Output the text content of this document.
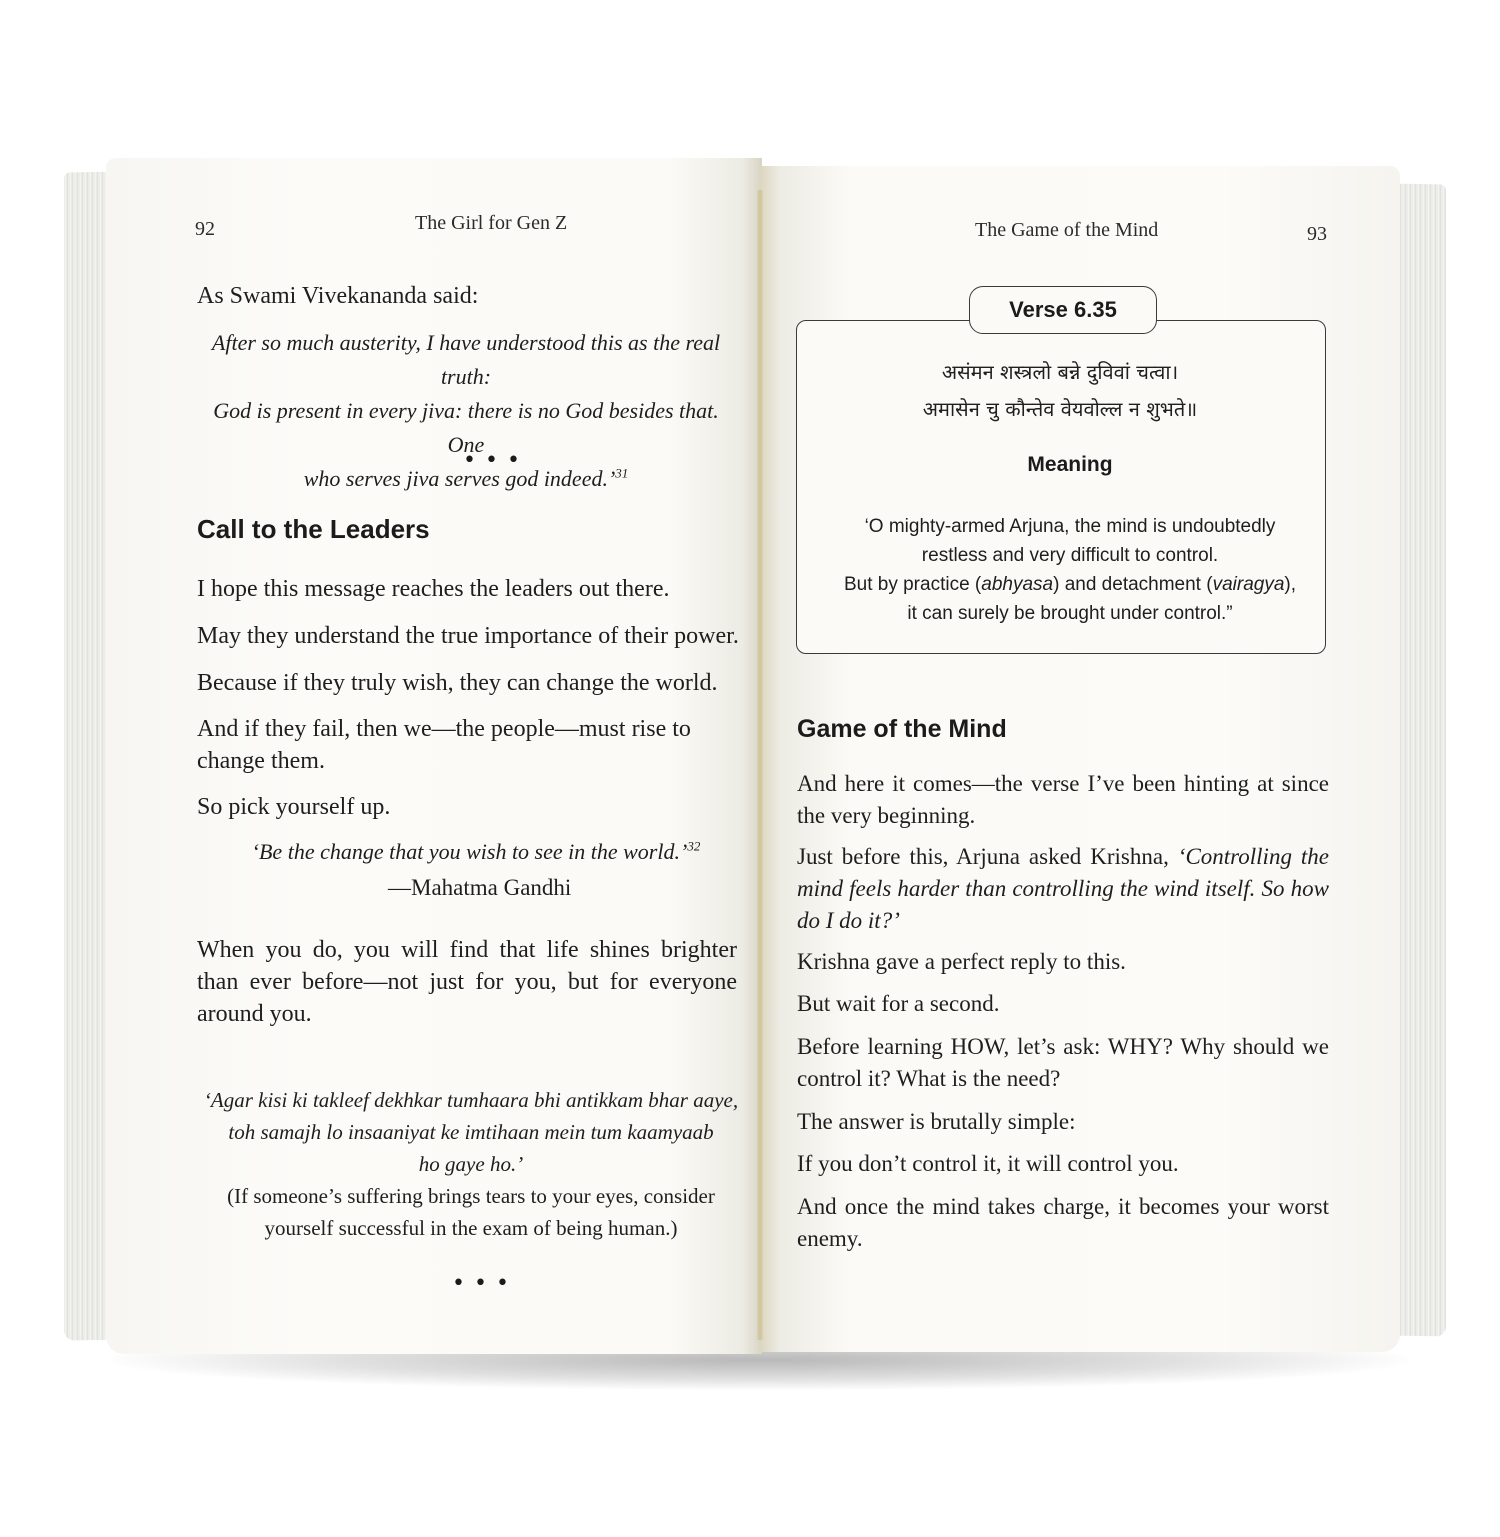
92	The Girl for Gen Z
As Swami Vivekananda said:
After so much austerity, I have understood this as the real truth:
God is present in every jiva: there is no God besides that. One
who serves jiva serves god indeed.’$^{31}$
•••
Call to the Leaders
I hope this message reaches the leaders out there.
May they understand the true importance of their power.
Because if they truly wish, they can change the world.
And if they fail, then we—the people—must rise to change them.
So pick yourself up.
‘Be the change that you wish to see in the world.’$^{32}$
—Mahatma Gandhi
When you do, you will find that life shines brighter than ever before—not just for you, but for everyone around you.
‘Agar kisi ki takleef dekhkar tumhaara bhi antikkam bhar aaye,
toh samajh lo insaaniyat ke imtihaan mein tum kaamyaab
ho gaye ho.’
(If someone’s suffering brings tears to your eyes, consider
yourself successful in the exam of being human.)
•••
The Game of the Mind	93
Verse 6.35
असंमन शस्त्रलो बन्ने दुविवां चत्वा।
अमासेन चु कौन्तेव वेयवोल्ल न शुभते॥
Meaning
‘O mighty-armed Arjuna, the mind is undoubtedly
restless and very difficult to control.
But by practice (abhyasa) and detachment (vairagya),
it can surely be brought under control.”
Game of the Mind
And here it comes—the verse I’ve been hinting at since the very beginning.
Just before this, Arjuna asked Krishna, ‘Controlling the mind feels harder than controlling the wind itself. So how do I do it?’
Krishna gave a perfect reply to this.
But wait for a second.
Before learning HOW, let’s ask: WHY? Why should we control it? What is the need?
The answer is brutally simple:
If you don’t control it, it will control you.
And once the mind takes charge, it becomes your worst enemy.
